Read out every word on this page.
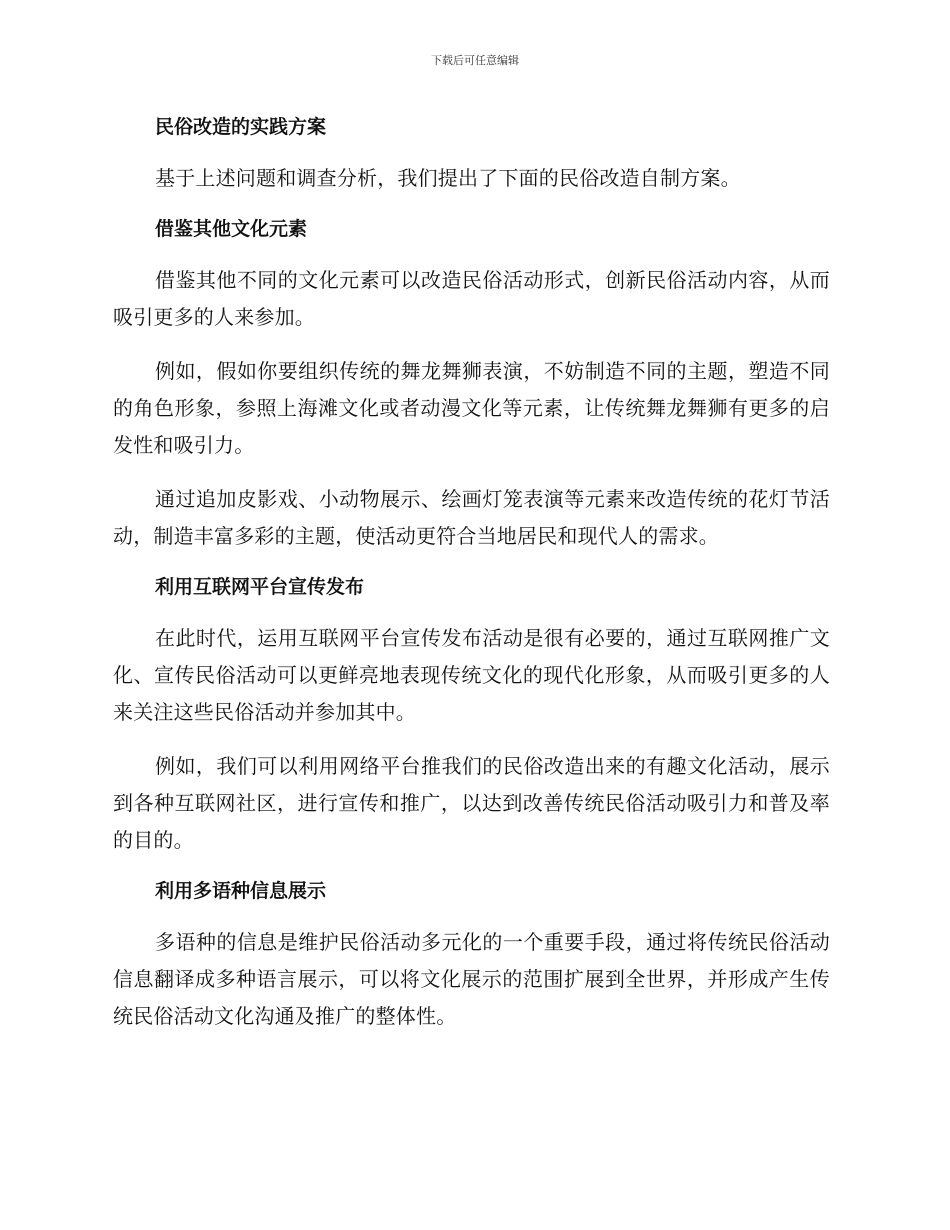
下载后可任意编辑
民俗改造的实践方案

基于上述问题和调查分析，我们提出了下面的民俗改造自制方案。

借鉴其他文化元素

借鉴其他不同的文化元素可以改造民俗活动形式，创新民俗活动内容，从而吸引更多的人来参加。

例如，假如你要组织传统的舞龙舞狮表演，不妨制造不同的主题，塑造不同的角色形象，参照上海滩文化或者动漫文化等元素，让传统舞龙舞狮有更多的启发性和吸引力。

通过追加皮影戏、小动物展示、绘画灯笼表演等元素来改造传统的花灯节活动，制造丰富多彩的主题，使活动更符合当地居民和现代人的需求。

利用互联网平台宣传发布

在此时代，运用互联网平台宣传发布活动是很有必要的，通过互联网推广文化、宣传民俗活动可以更鲜亮地表现传统文化的现代化形象，从而吸引更多的人来关注这些民俗活动并参加其中。

例如，我们可以利用网络平台推我们的民俗改造出来的有趣文化活动，展示到各种互联网社区，进行宣传和推广，以达到改善传统民俗活动吸引力和普及率的目的。

利用多语种信息展示

多语种的信息是维护民俗活动多元化的一个重要手段，通过将传统民俗活动信息翻译成多种语言展示，可以将文化展示的范围扩展到全世界，并形成产生传统民俗活动文化沟通及推广的整体性。
